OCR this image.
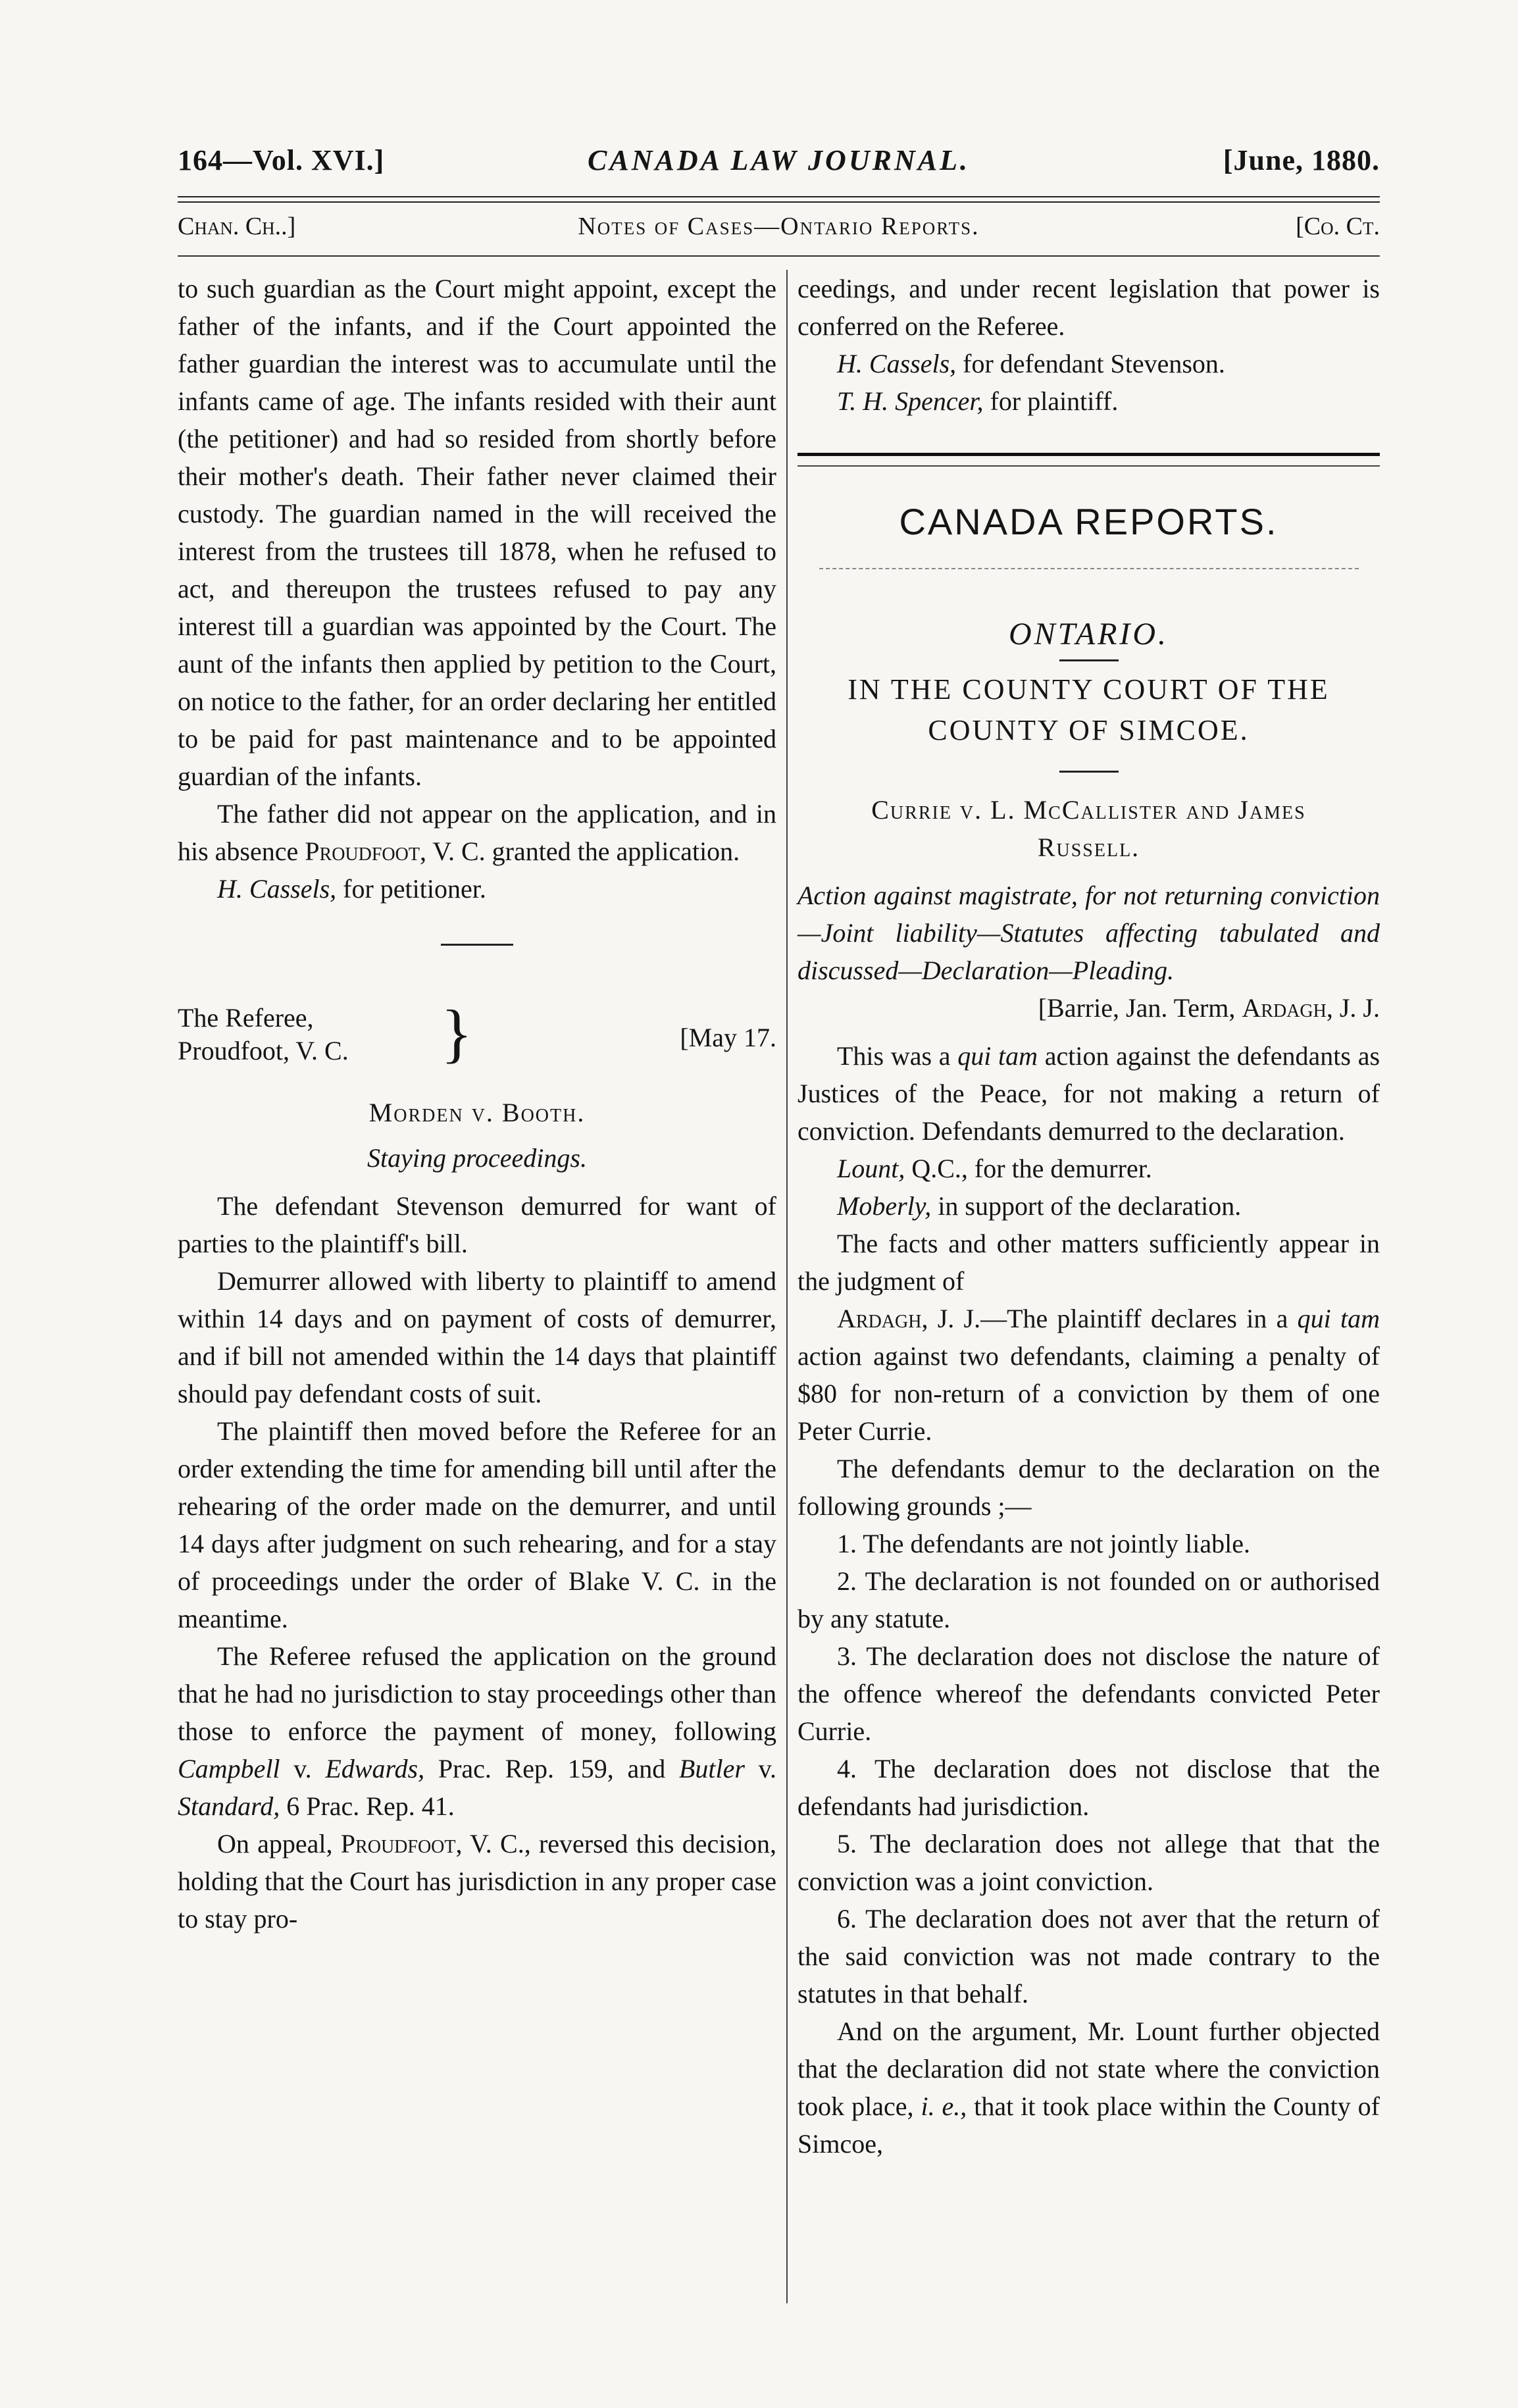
164—Vol. XVI.]	CANADA LAW JOURNAL.	[June, 1880.
Chan. Ch..]	Notes of Cases—Ontario Reports.	[Co. Ct.

to such guardian as the Court might appoint, except the father of the infants, and if the Court appointed the father guardian the interest was to accumulate until the infants came of age. The infants resided with their aunt (the petitioner) and had so resided from shortly before their mother's death. Their father never claimed their custody. The guardian named in the will received the interest from the trustees till 1878, when he refused to act, and thereupon the trustees refused to pay any interest till a guardian was appointed by the Court. The aunt of the infants then applied by petition to the Court, on notice to the father, for an order declaring her entitled to be paid for past maintenance and to be appointed guardian of the infants.

The father did not appear on the application, and in his absence Proudfoot, V. C. granted the application.

H. Cassels, for petitioner.

The Referee,
Proudfoot, V. C. }	[May 17.

Morden v. Booth.

Staying proceedings.

The defendant Stevenson demurred for want of parties to the plaintiff's bill.

Demurrer allowed with liberty to plaintiff to amend within 14 days and on payment of costs of demurrer, and if bill not amended within the 14 days that plaintiff should pay defendant costs of suit.

The plaintiff then moved before the Referee for an order extending the time for amending bill until after the rehearing of the order made on the demurrer, and until 14 days after judgment on such rehearing, and for a stay of proceedings under the order of Blake V. C. in the meantime.

The Referee refused the application on the ground that he had no jurisdiction to stay proceedings other than those to enforce the payment of money, following Campbell v. Edwards, Prac. Rep. 159, and Butler v. Standard, 6 Prac. Rep. 41.

On appeal, Proudfoot, V. C., reversed this decision, holding that the Court has jurisdiction in any proper case to stay pro-

ceedings, and under recent legislation that power is conferred on the Referee.

H. Cassels, for defendant Stevenson.

T. H. Spencer, for plaintiff.

CANADA REPORTS.

ONTARIO.

IN THE COUNTY COURT OF THE

COUNTY OF SIMCOE.

Currie v. L. McCallister and James

Russell.

Action against magistrate, for not returning conviction—Joint liability—Statutes affecting tabulated and discussed—Declaration—Pleading.

[Barrie, Jan. Term, Ardagh, J. J.

This was a qui tam action against the defendants as Justices of the Peace, for not making a return of conviction. Defendants demurred to the declaration.

Lount, Q.C., for the demurrer.

Moberly, in support of the declaration.

The facts and other matters sufficiently appear in the judgment of

Ardagh, J. J.—The plaintiff declares in a qui tam action against two defendants, claiming a penalty of $80 for non-return of a conviction by them of one Peter Currie.

The defendants demur to the declaration on the following grounds ;—

1. The defendants are not jointly liable.

2. The declaration is not founded on or authorised by any statute.

3. The declaration does not disclose the nature of the offence whereof the defendants convicted Peter Currie.

4. The declaration does not disclose that the defendants had jurisdiction.

5. The declaration does not allege that that the conviction was a joint conviction.

6. The declaration does not aver that the return of the said conviction was not made contrary to the statutes in that behalf.

And on the argument, Mr. Lount further objected that the declaration did not state where the conviction took place, i. e., that it took place within the County of Simcoe,
